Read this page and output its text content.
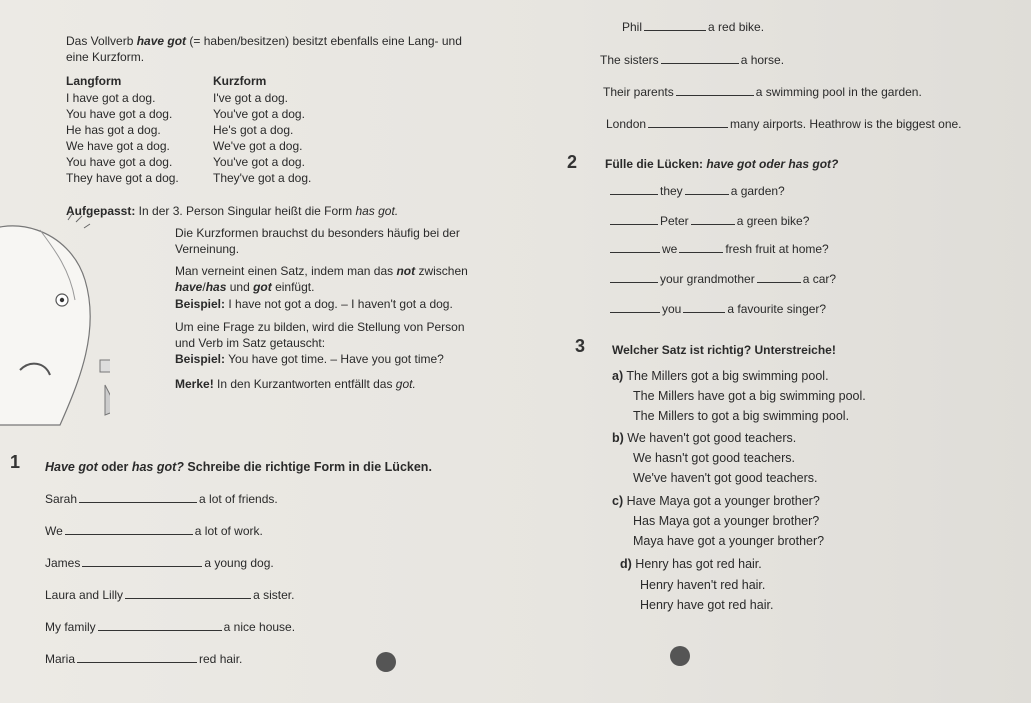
Das Vollverb have got (= haben/besitzen) besitzt ebenfalls eine Lang- und
eine Kurzform.
Langform	Kurzform
I have got a dog.	I've got a dog.
You have got a dog.	You've got a dog.
He has got a dog.	He's got a dog.
We have got a dog.	We've got a dog.
You have got a dog.	You've got a dog.
They have got a dog.	They've got a dog.
Aufgepasst: In der 3. Person Singular heißt die Form has got.
Die Kurzformen brauchst du besonders häufig bei der
Verneinung.
Man verneint einen Satz, indem man das not zwischen
have/has und got einfügt.
Beispiel: I have not got a dog. – I haven't got a dog.
Um eine Frage zu bilden, wird die Stellung von Person
und Verb im Satz getauscht:
Beispiel: You have got time. – Have you got time?
Merke! In den Kurzantworten entfällt das got.
1 Have got oder has got? Schreibe die richtige Form in die Lücken.
Sarah	a lot of friends.
We	a lot of work.
James	a young dog.
Laura and Lilly	a sister.
My family	a nice house.
Maria	red hair.
Phil	a red bike.
The sisters	a horse.
Their parents	a swimming pool in the garden.
London	many airports. Heathrow is the biggest one.
2 Fülle die Lücken: have got oder has got?
they	a garden?
Peter	a green bike?
we	fresh fruit at home?
your grandmother	a car?
you	a favourite singer?
3 Welcher Satz ist richtig? Unterstreiche!
a) The Millers got a big swimming pool.
The Millers have got a big swimming pool.
The Millers to got a big swimming pool.
b) We haven't got good teachers.
We hasn't got good teachers.
We've haven't got good teachers.
c) Have Maya got a younger brother?
Has Maya got a younger brother?
Maya have got a younger brother?
d) Henry has got red hair.
Henry haven't red hair.
Henry have got red hair.
